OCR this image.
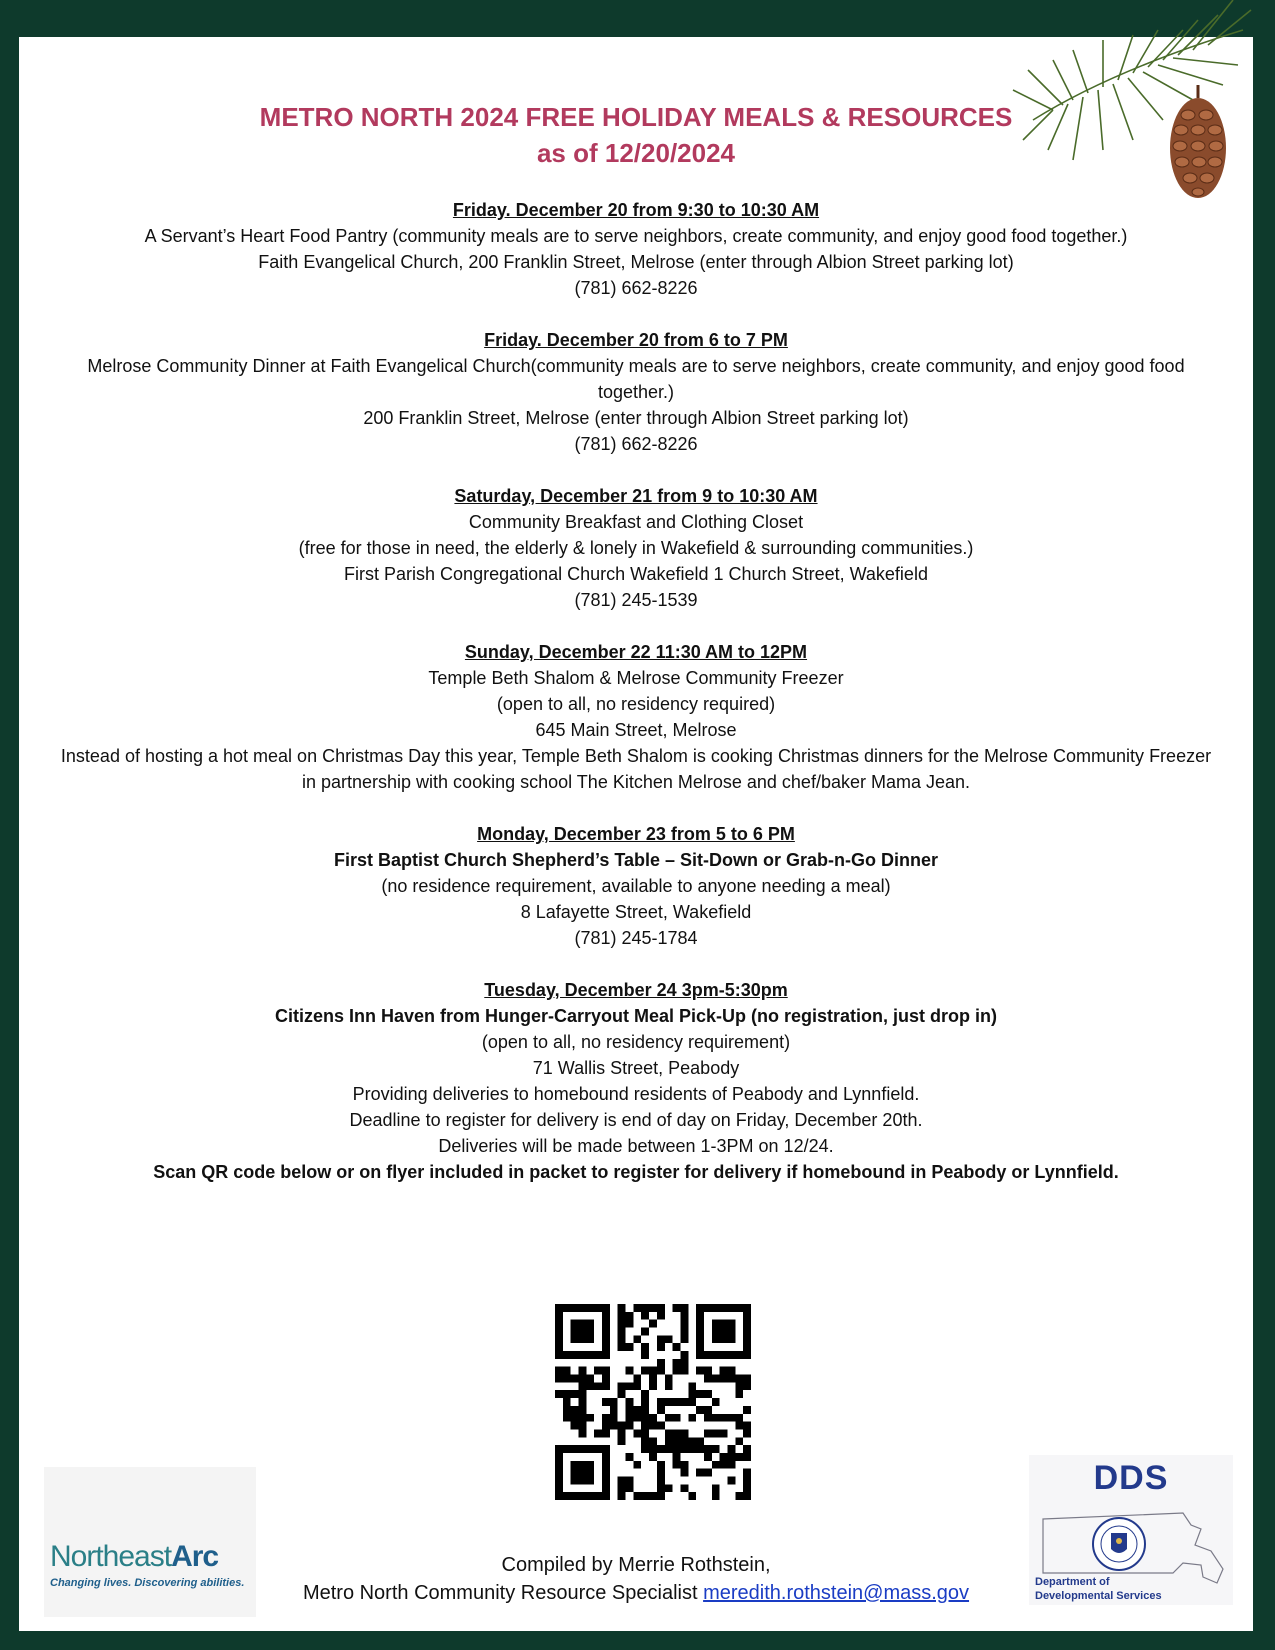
METRO NORTH 2024 FREE HOLIDAY MEALS & RESOURCES
as of 12/20/2024
Friday. December 20 from 9:30 to 10:30 AM
A Servant’s Heart Food Pantry (community meals are to serve neighbors, create community, and enjoy good food together.)
Faith Evangelical Church, 200 Franklin Street, Melrose (enter through Albion Street parking lot)
(781) 662-8226
Friday. December 20 from 6 to 7 PM
Melrose Community Dinner at Faith Evangelical Church(community meals are to serve neighbors, create community, and enjoy good food together.)
200 Franklin Street, Melrose (enter through Albion Street parking lot)
(781) 662-8226
Saturday, December 21 from 9 to 10:30 AM
Community Breakfast and Clothing Closet
(free for those in need, the elderly & lonely in Wakefield & surrounding communities.)
First Parish Congregational Church Wakefield 1 Church Street, Wakefield
(781) 245-1539
Sunday, December 22 11:30 AM to 12PM
Temple Beth Shalom & Melrose Community Freezer
(open to all, no residency required)
645 Main Street, Melrose
Instead of hosting a hot meal on Christmas Day this year, Temple Beth Shalom is cooking Christmas dinners for the Melrose Community Freezer in partnership with cooking school The Kitchen Melrose and chef/baker Mama Jean.
Monday, December 23 from 5 to 6 PM
First Baptist Church Shepherd’s Table – Sit-Down or Grab-n-Go Dinner
(no residence requirement, available to anyone needing a meal)
8 Lafayette Street, Wakefield
(781) 245-1784
Tuesday, December 24 3pm-5:30pm
Citizens Inn Haven from Hunger-Carryout Meal Pick-Up (no registration, just drop in)
(open to all, no residency requirement)
71 Wallis Street, Peabody
Providing deliveries to homebound residents of Peabody and Lynnfield.
Deadline to register for delivery is end of day on Friday, December 20th.
Deliveries will be made between 1-3PM on 12/24.
Scan QR code below or on flyer included in packet to register for delivery if homebound in Peabody or Lynnfield.
NortheastArc
Changing lives. Discovering abilities.
Compiled by Merrie Rothstein,
Metro North Community Resource Specialist meredith.rothstein@mass.gov
DDS
Department of
Developmental Services
